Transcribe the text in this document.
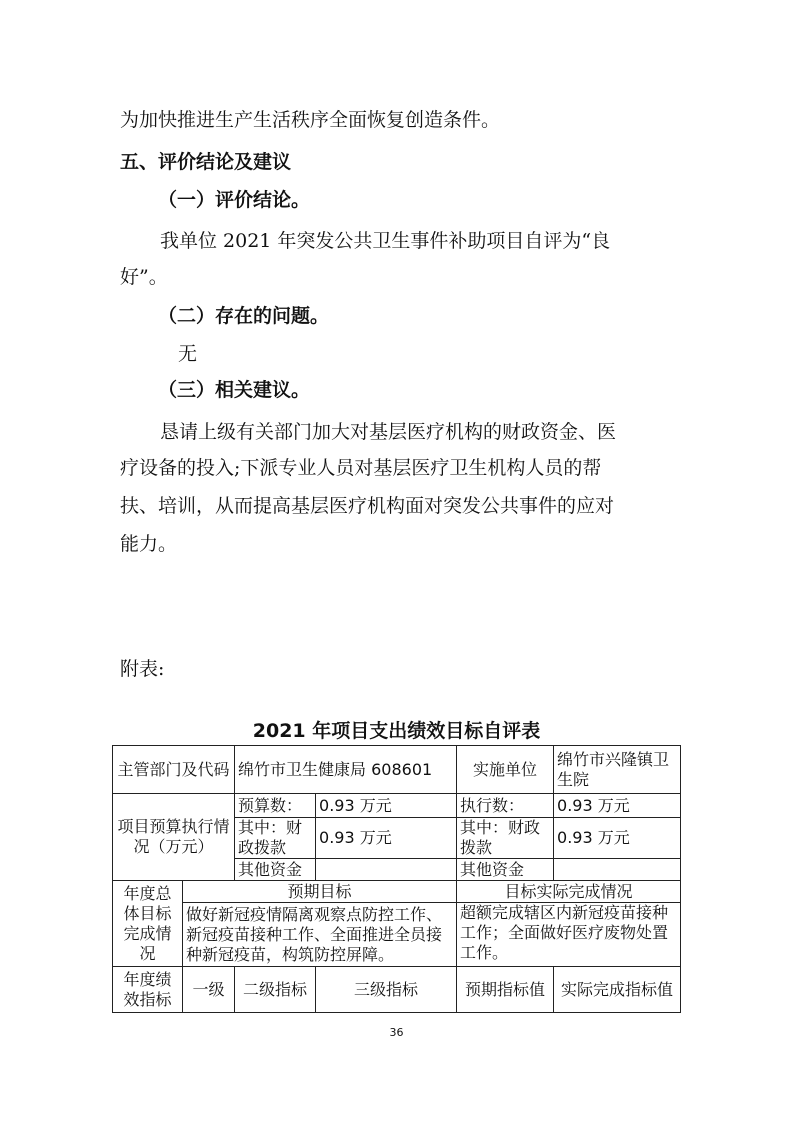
为加快推进生产生活秩序全面恢复创造条件。
五、评价结论及建议
（一）评价结论。
我单位 2021 年突发公共卫生事件补助项目自评为“良
好”。
（二）存在的问题。
无
（三）相关建议。
恳请上级有关部门加大对基层医疗机构的财政资金、医
疗设备的投入;下派专业人员对基层医疗卫生机构人员的帮
扶、培训，从而提高基层医疗机构面对突发公共事件的应对
能力。
附表:
2021 年项目支出绩效目标自评表
主管部门及代码		绵竹市卫生健康局 608601		实施单位	绵竹市兴隆镇卫生院
项目预算执行情况（万元）		预算数：	0.93 万元	执行数：	0.93 万元
		其中：财政拨款	0.93 万元	其中：财政拨款	0.93 万元
		其他资金		其他资金	
年度总体目标完成情况	预期目标			目标实际完成情况	
	做好新冠疫情隔离观察点防控工作、新冠疫苗接种工作、全面推进全员接种新冠疫苗，构筑防控屏障。			超额完成辖区内新冠疫苗接种工作；全面做好医疗废物处置工作。	
年度绩效指标	一级	二级指标	三级指标	预期指标值	实际完成指标值
36
